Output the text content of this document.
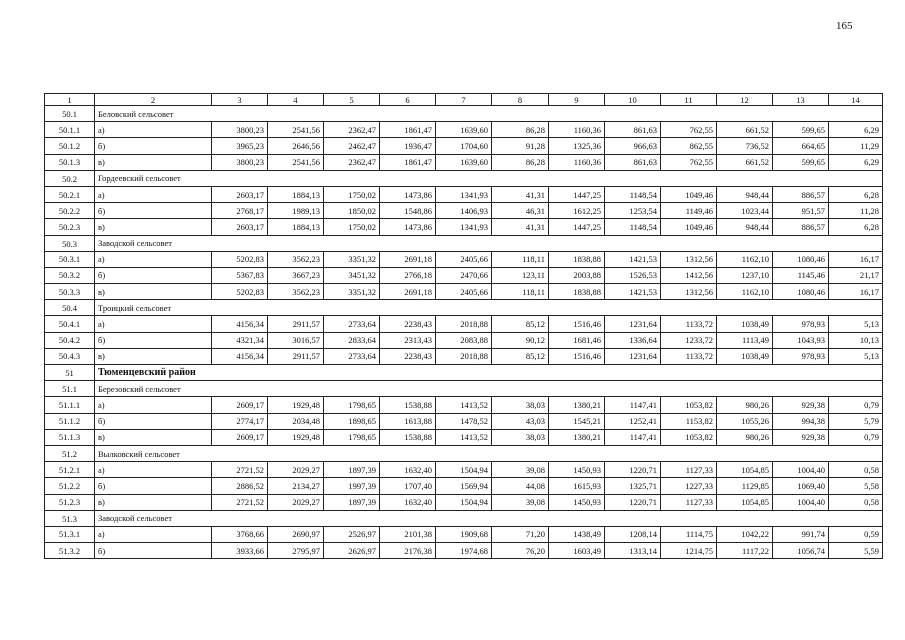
165
1	2	3	4	5	6	7	8	9	10	11	12	13	14
50.1	Беловский сельсовет												
50.1.1	а)	3800,23	2541,56	2362,47	1861,47	1639,60	86,28	1160,36	861,63	762,55	661,52	599,65	6,29
50.1.2	б)	3965,23	2646,56	2462,47	1936,47	1704,60	91,28	1325,36	966,63	862,55	736,52	664,65	11,29
50.1.3	в)	3800,23	2541,56	2362,47	1861,47	1639,60	86,28	1160,36	861,63	762,55	661,52	599,65	6,29
50.2	Гордеевский сельсовет												
50.2.1	а)	2603,17	1884,13	1750,02	1473,86	1341,93	41,31	1447,25	1148,54	1049,46	948,44	886,57	6,28
50.2.2	б)	2768,17	1989,13	1850,02	1548,86	1406,93	46,31	1612,25	1253,54	1149,46	1023,44	951,57	11,28
50.2.3	в)	2603,17	1884,13	1750,02	1473,86	1341,93	41,31	1447,25	1148,54	1049,46	948,44	886,57	6,28
50.3	Заводской сельсовет												
50.3.1	а)	5202,83	3562,23	3351,32	2691,18	2405,66	118,11	1838,88	1421,53	1312,56	1162,10	1080,46	16,17
50.3.2	б)	5367,83	3667,23	3451,32	2766,18	2470,66	123,11	2003,88	1526,53	1412,56	1237,10	1145,46	21,17
50.3.3	в)	5202,83	3562,23	3351,32	2691,18	2405,66	118,11	1838,88	1421,53	1312,56	1162,10	1080,46	16,17
50.4	Троицкий сельсовет												
50.4.1	а)	4156,34	2911,57	2733,64	2238,43	2018,88	85,12	1516,46	1231,64	1133,72	1038,49	978,93	5,13
50.4.2	б)	4321,34	3016,57	2833,64	2313,43	2083,88	90,12	1681,46	1336,64	1233,72	1113,49	1043,93	10,13
50.4.3	в)	4156,34	2911,57	2733,64	2238,43	2018,88	85,12	1516,46	1231,64	1133,72	1038,49	978,93	5,13
51	Тюменцевский район												
51.1	Березовский сельсовет												
51.1.1	а)	2609,17	1929,48	1798,65	1538,88	1413,52	38,03	1380,21	1147,41	1053,82	980,26	929,38	0,79
51.1.2	б)	2774,17	2034,48	1898,65	1613,88	1478,52	43,03	1545,21	1252,41	1153,82	1055,26	994,38	5,79
51.1.3	в)	2609,17	1929,48	1798,65	1538,88	1413,52	38,03	1380,21	1147,41	1053,82	980,26	929,38	0,79
51.2	Вылковский сельсовет												
51.2.1	а)	2721,52	2029,27	1897,39	1632,40	1504,94	39,08	1450,93	1220,71	1127,33	1054,85	1004,40	0,58
51.2.2	б)	2886,52	2134,27	1997,39	1707,40	1569,94	44,08	1615,93	1325,71	1227,33	1129,85	1069,40	5,58
51.2.3	в)	2721,52	2029,27	1897,39	1632,40	1504,94	39,08	1450,93	1220,71	1127,33	1054,85	1004,40	0,58
51.3	Заводской сельсовет												
51.3.1	а)	3768,66	2690,97	2526,97	2101,38	1909,68	71,20	1438,49	1208,14	1114,75	1042,22	991,74	0,59
51.3.2	б)	3933,66	2795,97	2626,97	2176,38	1974,68	76,20	1603,49	1313,14	1214,75	1117,22	1056,74	5,59
